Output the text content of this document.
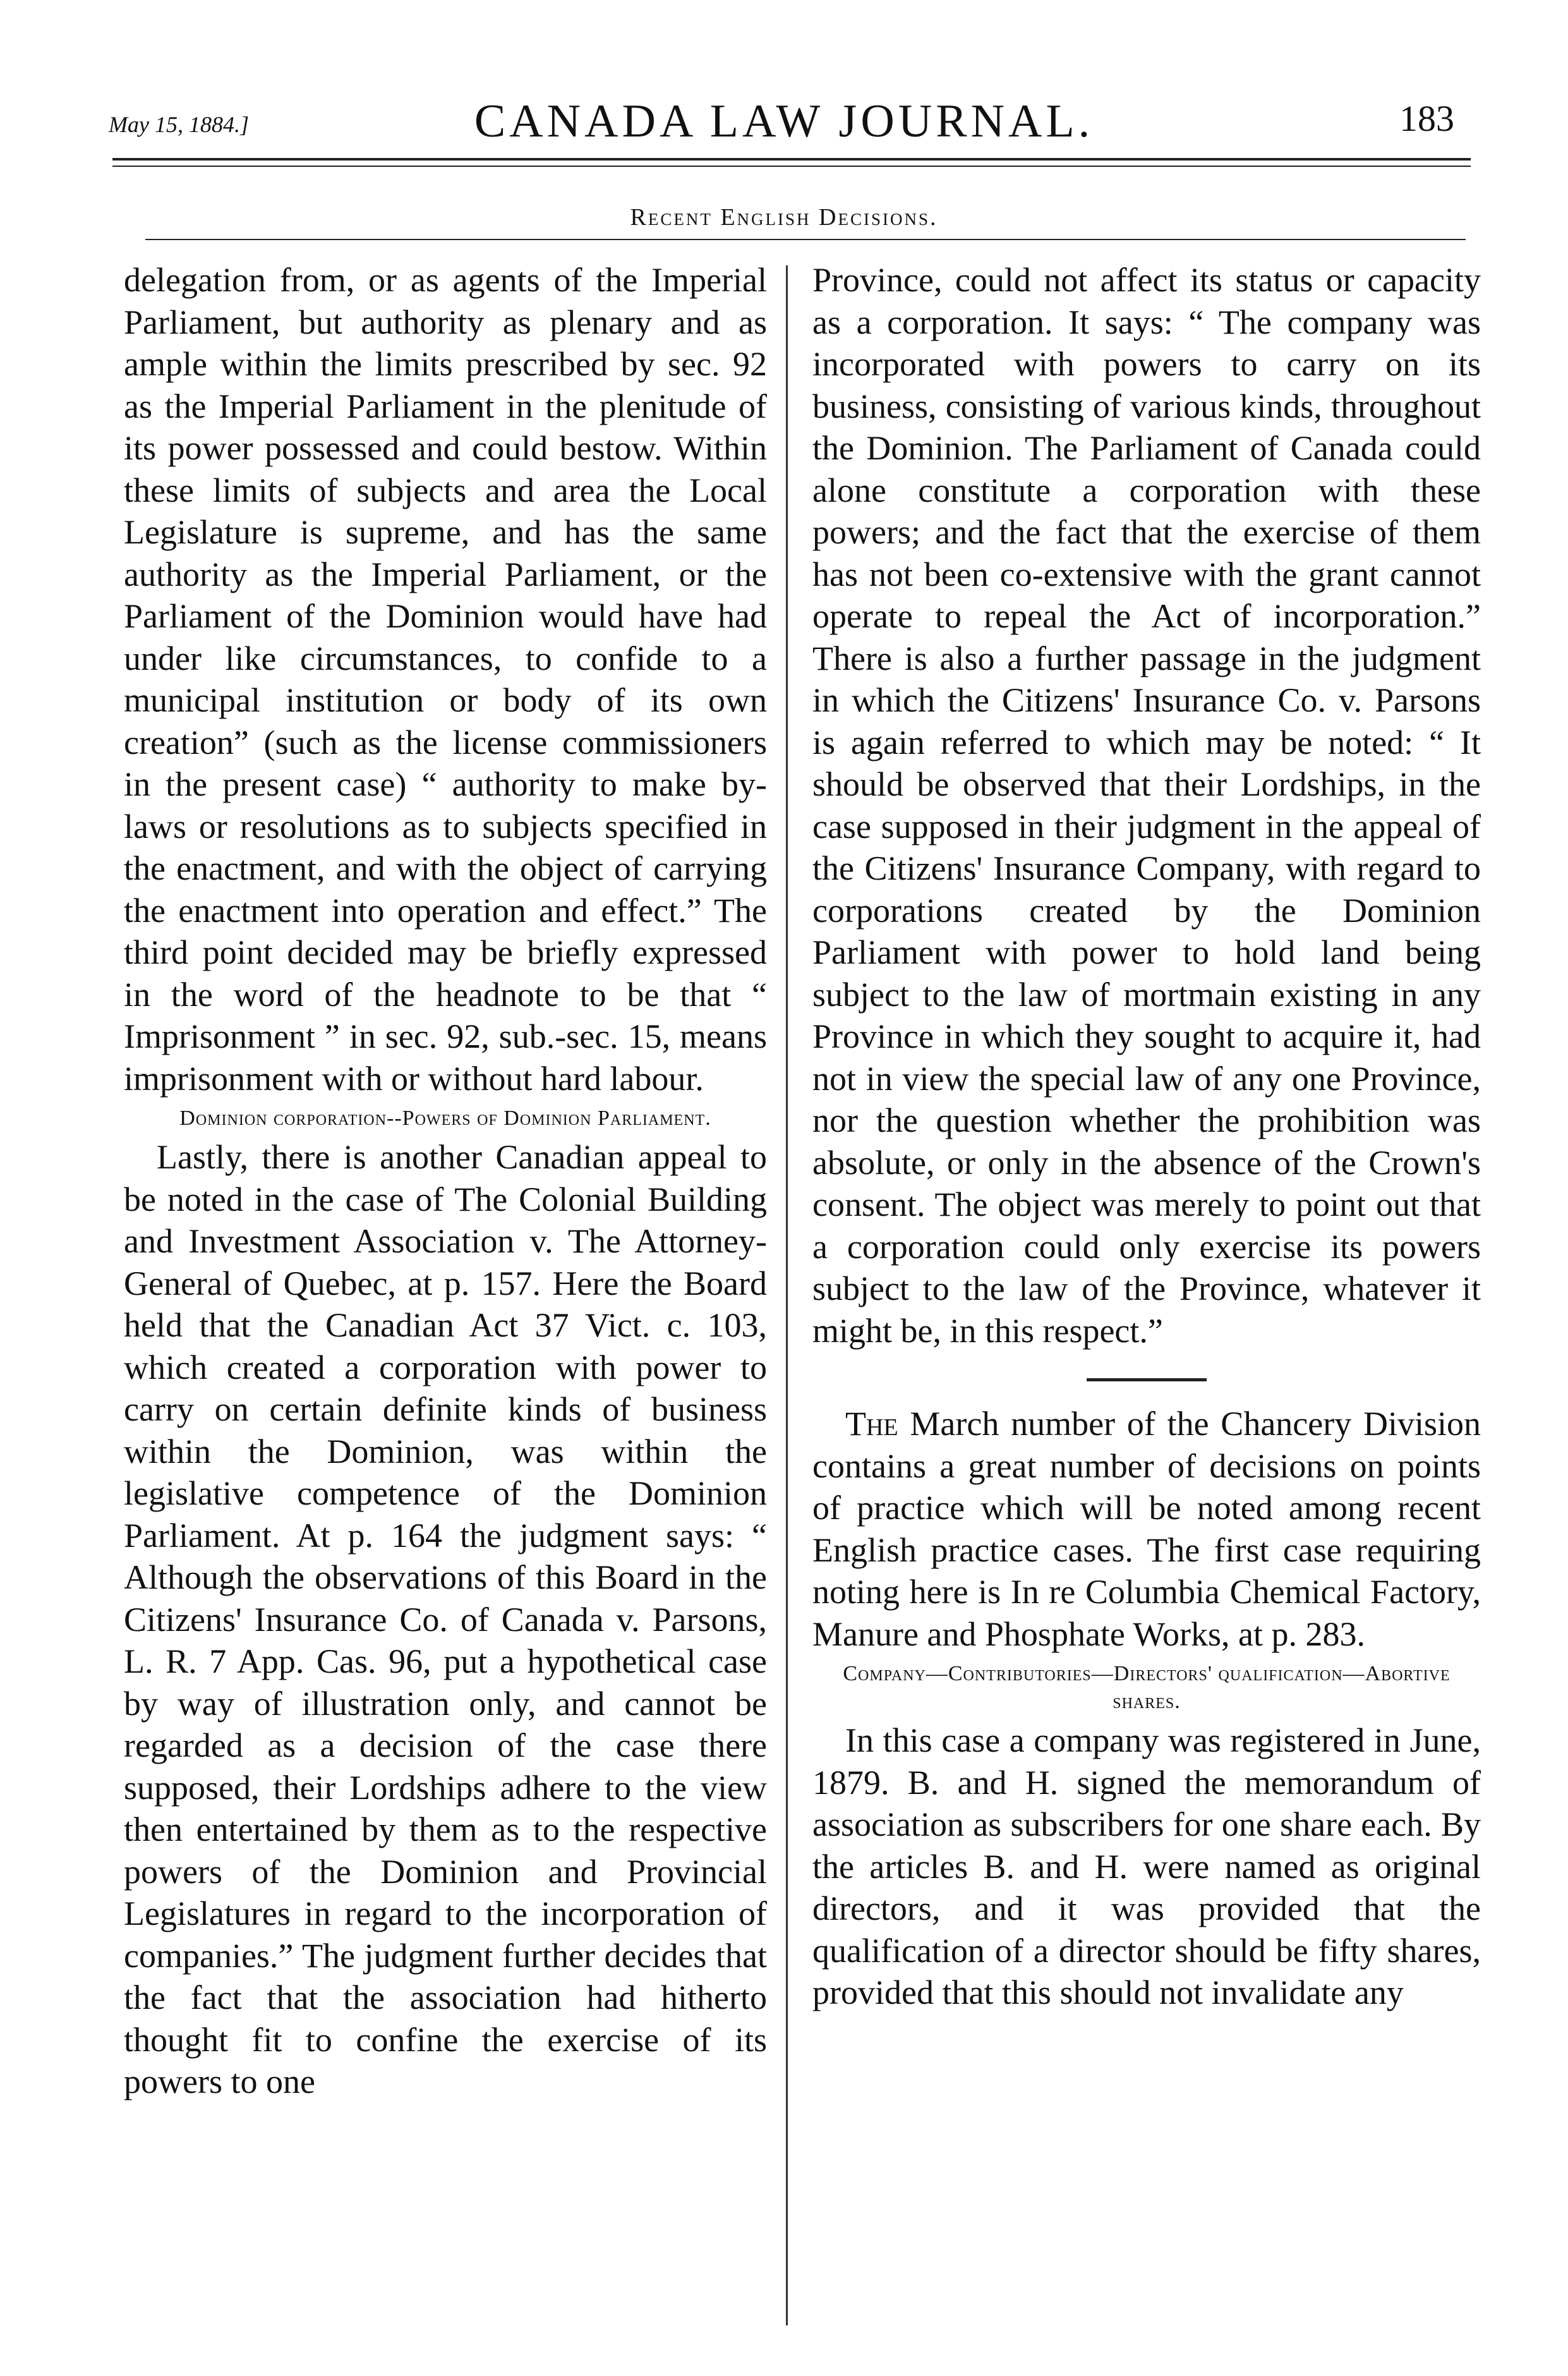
May 15, 1884.]	CANADA LAW JOURNAL.	183
Recent English Decisions.

delegation from, or as agents of the Imperial Parliament, but authority as plenary and as ample within the limits prescribed by sec. 92 as the Imperial Parliament in the plenitude of its power possessed and could bestow. Within these limits of subjects and area the Local Legislature is supreme, and has the same authority as the Imperial Parliament, or the Parliament of the Dominion would have had under like circumstances, to confide to a municipal institution or body of its own creation” (such as the license commissioners in the present case) “ authority to make by-laws or resolutions as to subjects specified in the enactment, and with the object of carrying the enactment into operation and effect.” The third point decided may be briefly expressed in the word of the headnote to be that “ Imprisonment ” in sec. 92, sub.-sec. 15, means imprisonment with or without hard labour.

Dominion corporation--Powers of Dominion Parliament.

Lastly, there is another Canadian appeal to be noted in the case of The Colonial Building and Investment Association v. The Attorney-General of Quebec, at p. 157. Here the Board held that the Canadian Act 37 Vict. c. 103, which created a corporation with power to carry on certain definite kinds of business within the Dominion, was within the legislative competence of the Dominion Parliament. At p. 164 the judgment says: “ Although the observations of this Board in the Citizens' Insurance Co. of Canada v. Parsons, L. R. 7 App. Cas. 96, put a hypothetical case by way of illustration only, and cannot be regarded as a decision of the case there supposed, their Lordships adhere to the view then entertained by them as to the respective powers of the Dominion and Provincial Legislatures in regard to the incorporation of companies.” The judgment further decides that the fact that the association had hitherto thought fit to confine the exercise of its powers to one

Province, could not affect its status or capacity as a corporation. It says: “ The company was incorporated with powers to carry on its business, consisting of various kinds, throughout the Dominion. The Parliament of Canada could alone constitute a corporation with these powers; and the fact that the exercise of them has not been co-extensive with the grant cannot operate to repeal the Act of incorporation.” There is also a further passage in the judgment in which the Citizens' Insurance Co. v. Parsons is again referred to which may be noted: “ It should be observed that their Lordships, in the case supposed in their judgment in the appeal of the Citizens' Insurance Company, with regard to corporations created by the Dominion Parliament with power to hold land being subject to the law of mortmain existing in any Province in which they sought to acquire it, had not in view the special law of any one Province, nor the question whether the prohibition was absolute, or only in the absence of the Crown's consent. The object was merely to point out that a corporation could only exercise its powers subject to the law of the Province, whatever it might be, in this respect.”

The March number of the Chancery Division contains a great number of decisions on points of practice which will be noted among recent English practice cases. The first case requiring noting here is In re Columbia Chemical Factory, Manure and Phosphate Works, at p. 283.

Company—Contributories—Directors' qualification—Abortive shares.

In this case a company was registered in June, 1879. B. and H. signed the memorandum of association as subscribers for one share each. By the articles B. and H. were named as original directors, and it was provided that the qualification of a director should be fifty shares, provided that this should not invalidate any
